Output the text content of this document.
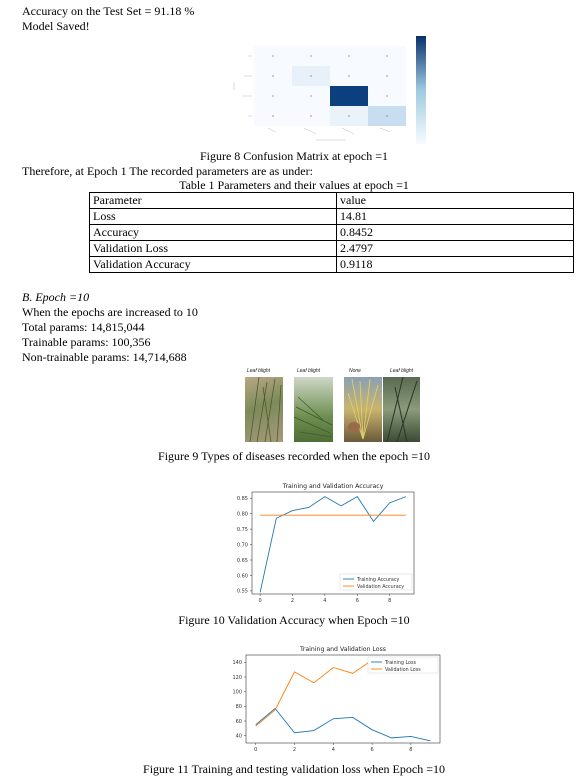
Accuracy on the Test Set = 91.18 %
Model Saved!
Figure 8 Confusion Matrix at epoch =1
Therefore, at Epoch 1 The recorded parameters are as under:
Table 1 Parameters and their values at epoch =1
Parameter	value
Loss	14.81
Accuracy	0.8452
Validation Loss	2.4797
Validation Accuracy	0.9118
B. Epoch =10
When the epochs are increased to 10
Total params: 14,815,044
Trainable params: 100,356
Non-trainable params: 14,714,688
Leaf blight	Leaf blight	None	Leaf blight
Figure 9 Types of diseases recorded when the epoch =10
Training and Validation Accuracy
0.55
0.60
0.65
0.70
0.75
0.80
0.85
0	2	4	6	8
Training Accuracy
Validation Accuracy
Figure 10 Validation Accuracy when Epoch =10
Training and Validation Loss
40
60
80
100
120
140
0	2	4	6	8
Training Loss
Validation Loss
Figure 11 Training and testing validation loss when Epoch =10
